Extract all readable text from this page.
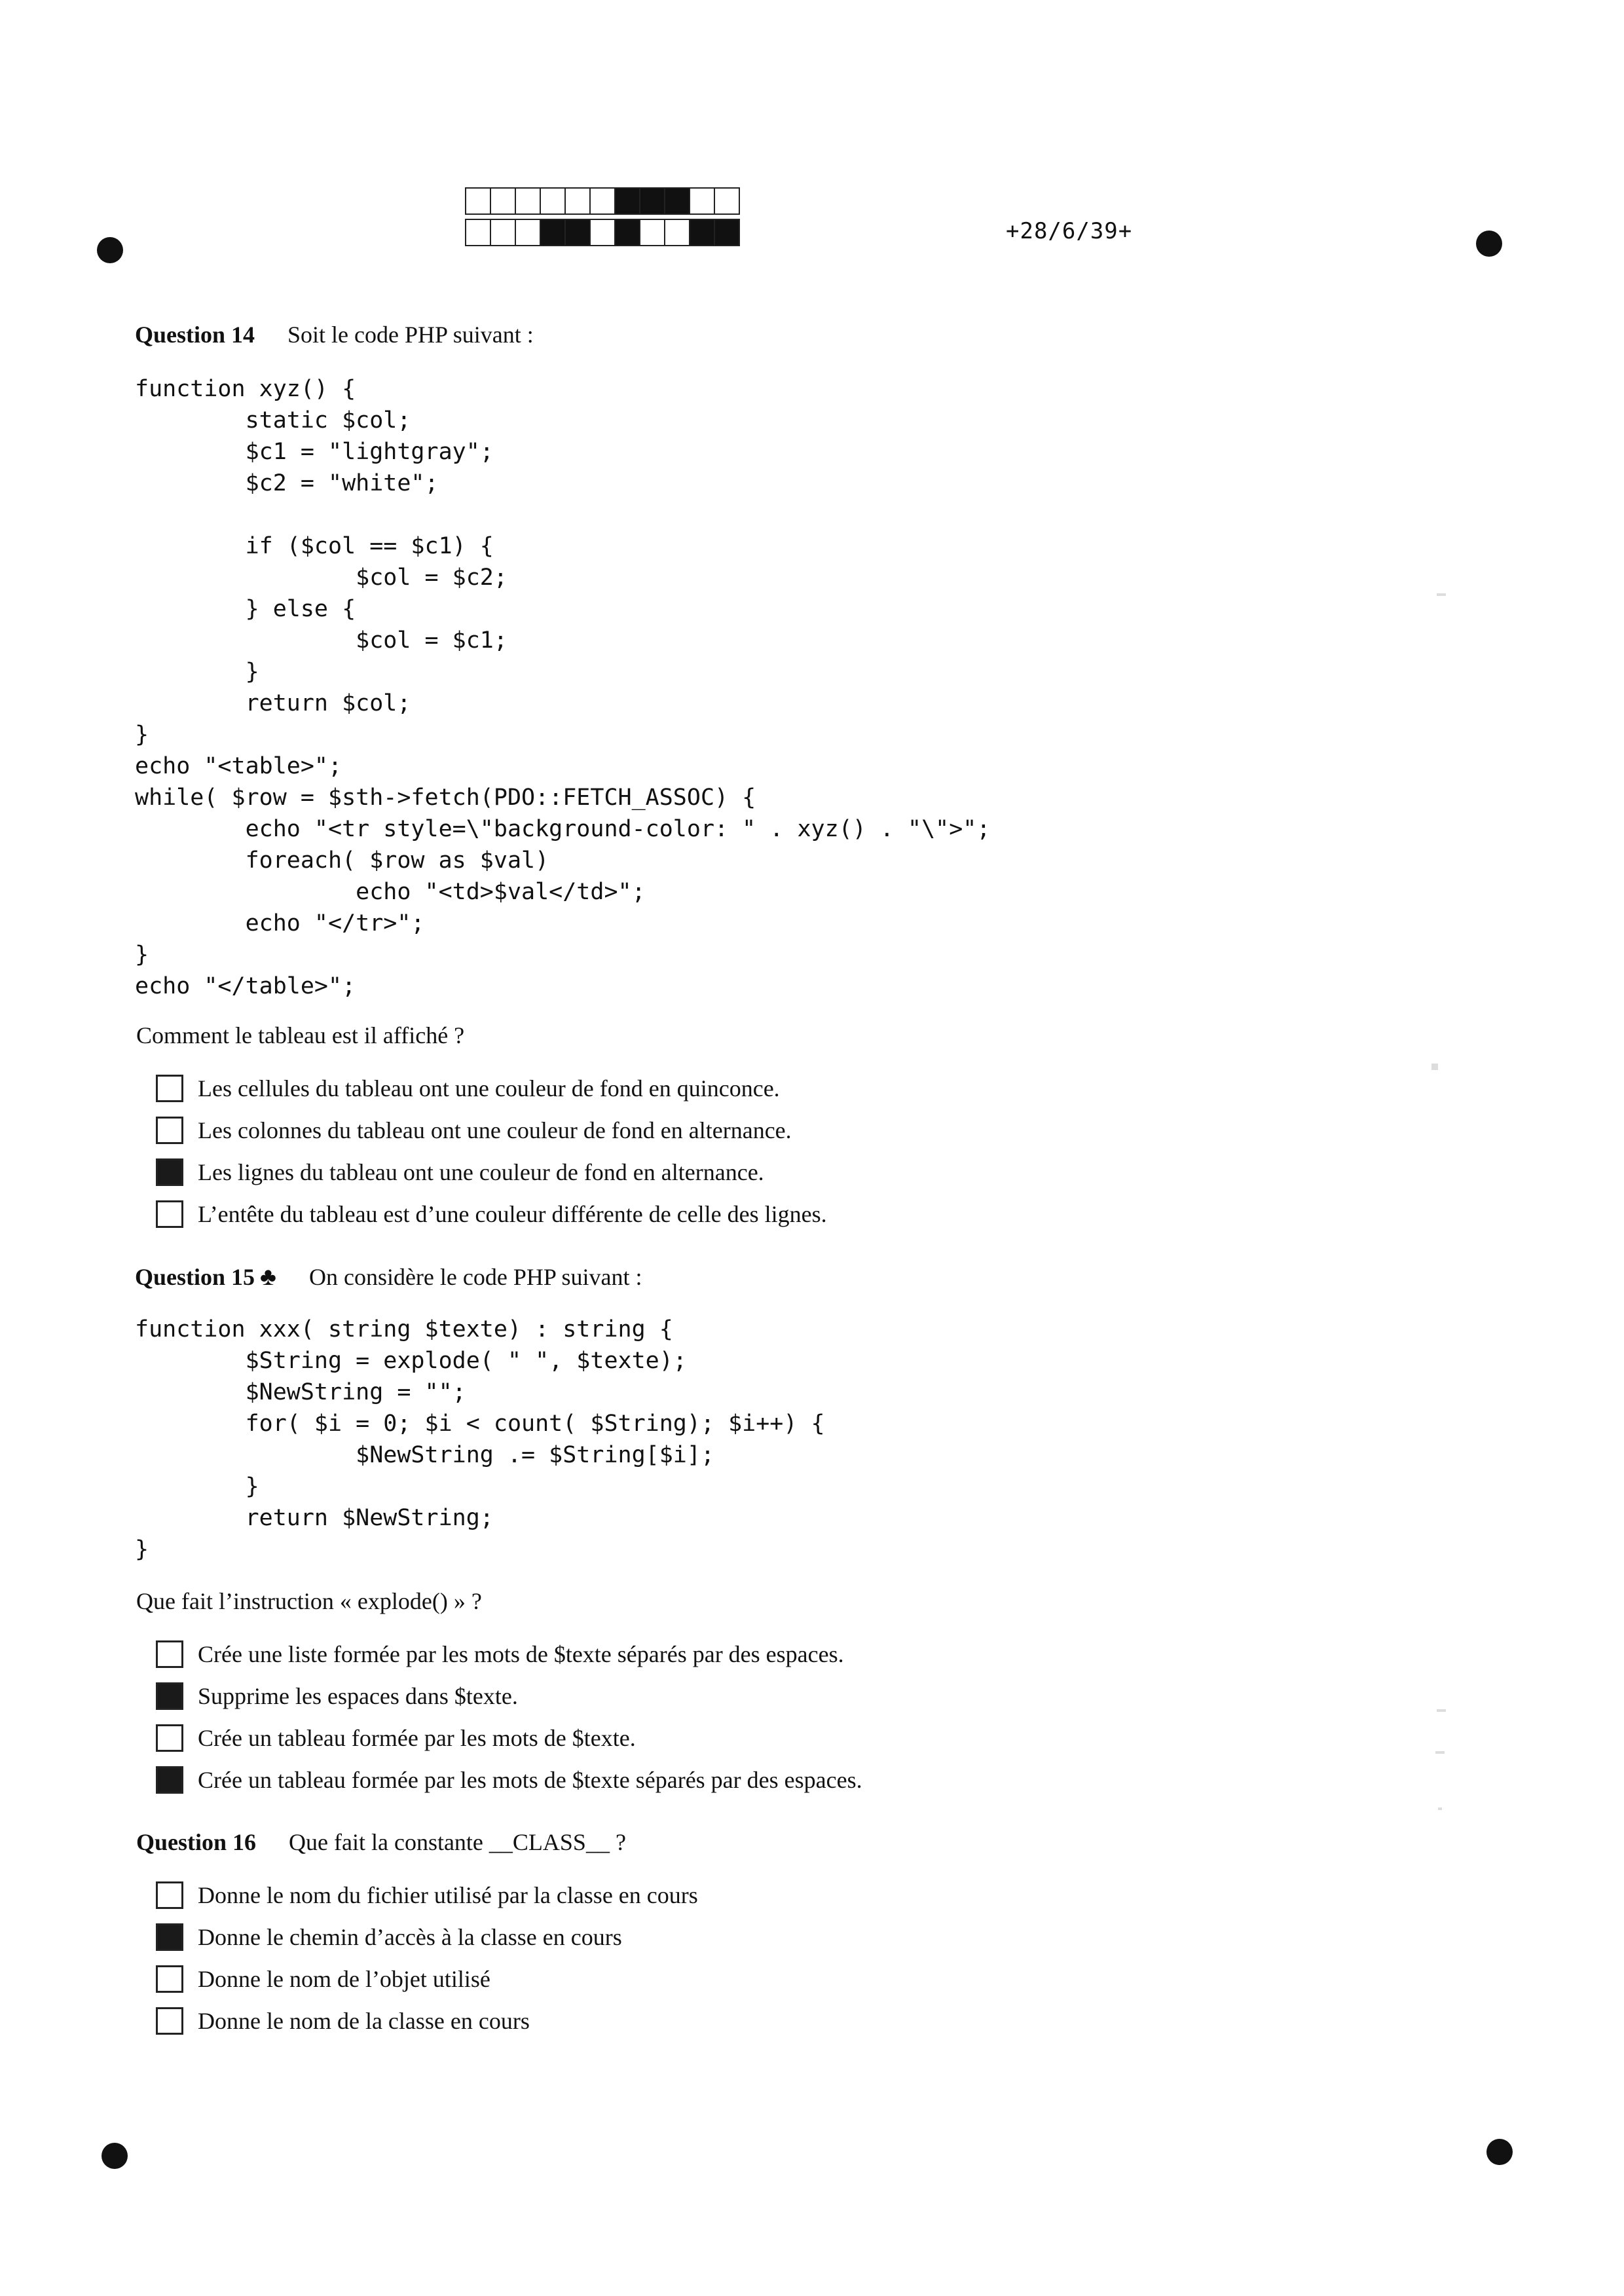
+28/6/39+
Question 14 Soit le code PHP suivant :
function xyz() {
static $col;
$c1 = "lightgray";
$c2 = "white";

if ($col == $c1) {
$col = $c2;
} else {
$col = $c1;
}
return $col;
}
echo "<table>";
while( $row = $sth->fetch(PDO::FETCH_ASSOC) {
echo "<tr style=\"background-color: " . xyz() . "\">";
foreach( $row as $val)
echo "<td>$val</td>";
echo "</tr>";
}
echo "</table>";
Comment le tableau est il affiché ?
Les cellules du tableau ont une couleur de fond en quinconce.
Les colonnes du tableau ont une couleur de fond en alternance.
Les lignes du tableau ont une couleur de fond en alternance.
L’entête du tableau est d’une couleur différente de celle des lignes.
Question 15 ♣ On considère le code PHP suivant :
function xxx( string $texte) : string {
$String = explode( " ", $texte);
$NewString = "";
for( $i = 0; $i < count( $String); $i++) {
$NewString .= $String[$i];
}
return $NewString;
}
Que fait l’instruction « explode() » ?
Crée une liste formée par les mots de $texte séparés par des espaces.
Supprime les espaces dans $texte.
Crée un tableau formée par les mots de $texte.
Crée un tableau formée par les mots de $texte séparés par des espaces.
Question 16 Que fait la constante __CLASS__ ?
Donne le nom du fichier utilisé par la classe en cours
Donne le chemin d’accès à la classe en cours
Donne le nom de l’objet utilisé
Donne le nom de la classe en cours
